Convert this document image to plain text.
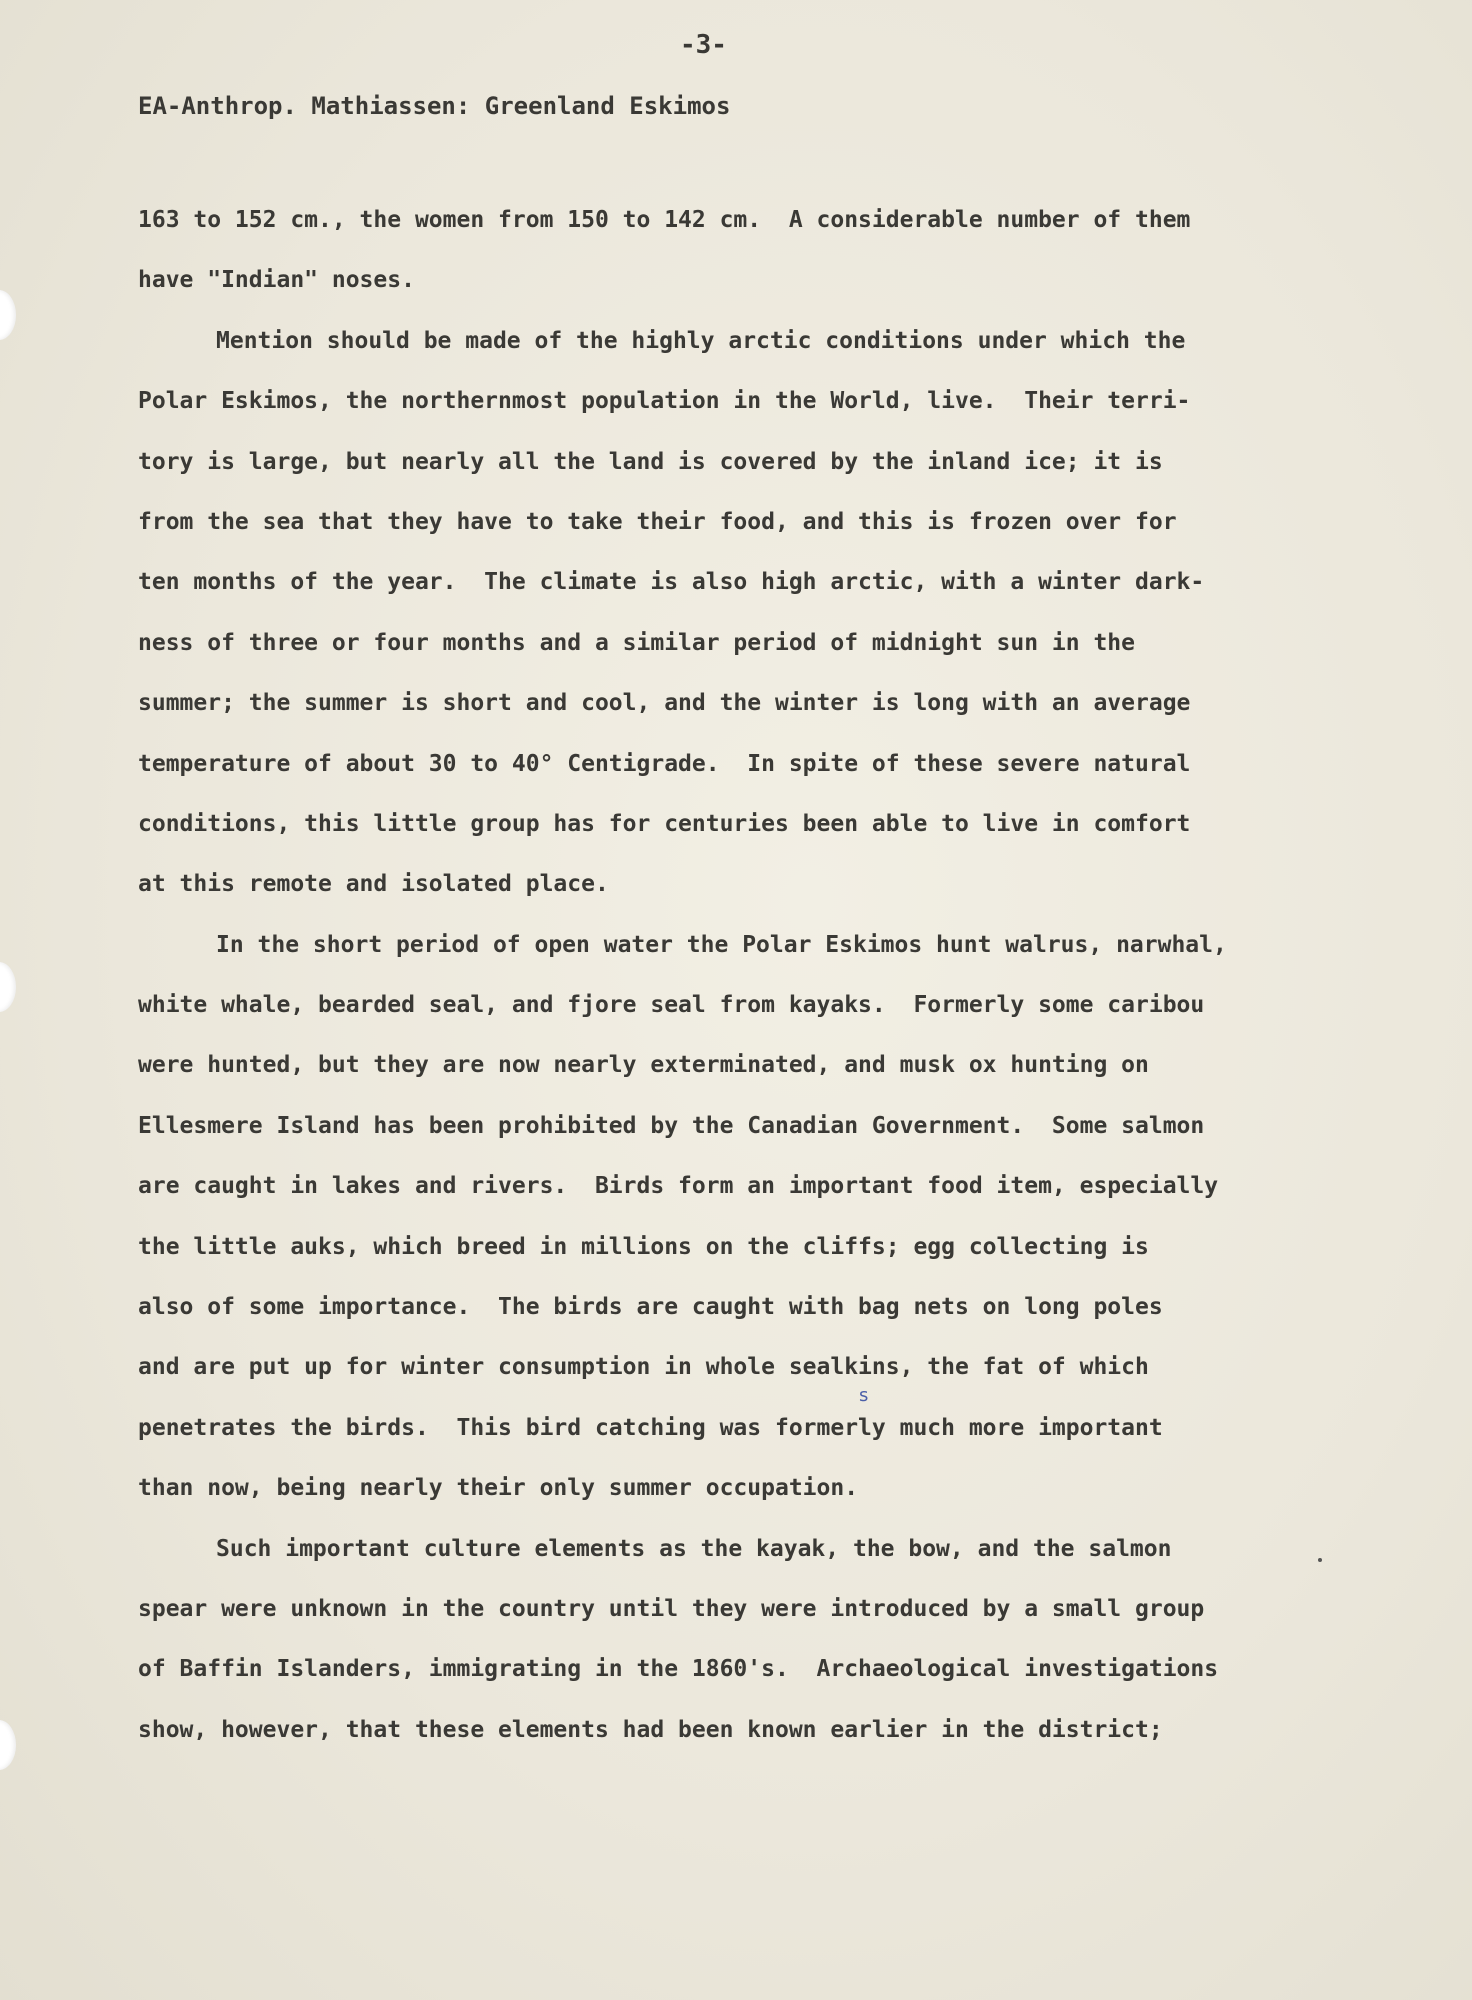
-3-
EA-Anthrop. Mathiassen: Greenland Eskimos
163 to 152 cm., the women from 150 to 142 cm.  A considerable number of them
have "Indian" noses.
Mention should be made of the highly arctic conditions under which the
Polar Eskimos, the northernmost population in the World, live.  Their terri-
tory is large, but nearly all the land is covered by the inland ice; it is
from the sea that they have to take their food, and this is frozen over for
ten months of the year.  The climate is also high arctic, with a winter dark-
ness of three or four months and a similar period of midnight sun in the
summer; the summer is short and cool, and the winter is long with an average
temperature of about 30 to 40° Centigrade.  In spite of these severe natural
conditions, this little group has for centuries been able to live in comfort
at this remote and isolated place.
In the short period of open water the Polar Eskimos hunt walrus, narwhal,
white whale, bearded seal, and fjore seal from kayaks.  Formerly some caribou
were hunted, but they are now nearly exterminated, and musk ox hunting on
Ellesmere Island has been prohibited by the Canadian Government.  Some salmon
are caught in lakes and rivers.  Birds form an important food item, especially
the little auks, which breed in millions on the cliffs; egg collecting is
also of some importance.  The birds are caught with bag nets on long poles
and are put up for winter consumption in whole sealkins, the fat of which
penetrates the birds.  This bird catching was formerly much more important
than now, being nearly their only summer occupation.
Such important culture elements as the kayak, the bow, and the salmon
spear were unknown in the country until they were introduced by a small group
of Baffin Islanders, immigrating in the 1860's.  Archaeological investigations
show, however, that these elements had been known earlier in the district;
s
